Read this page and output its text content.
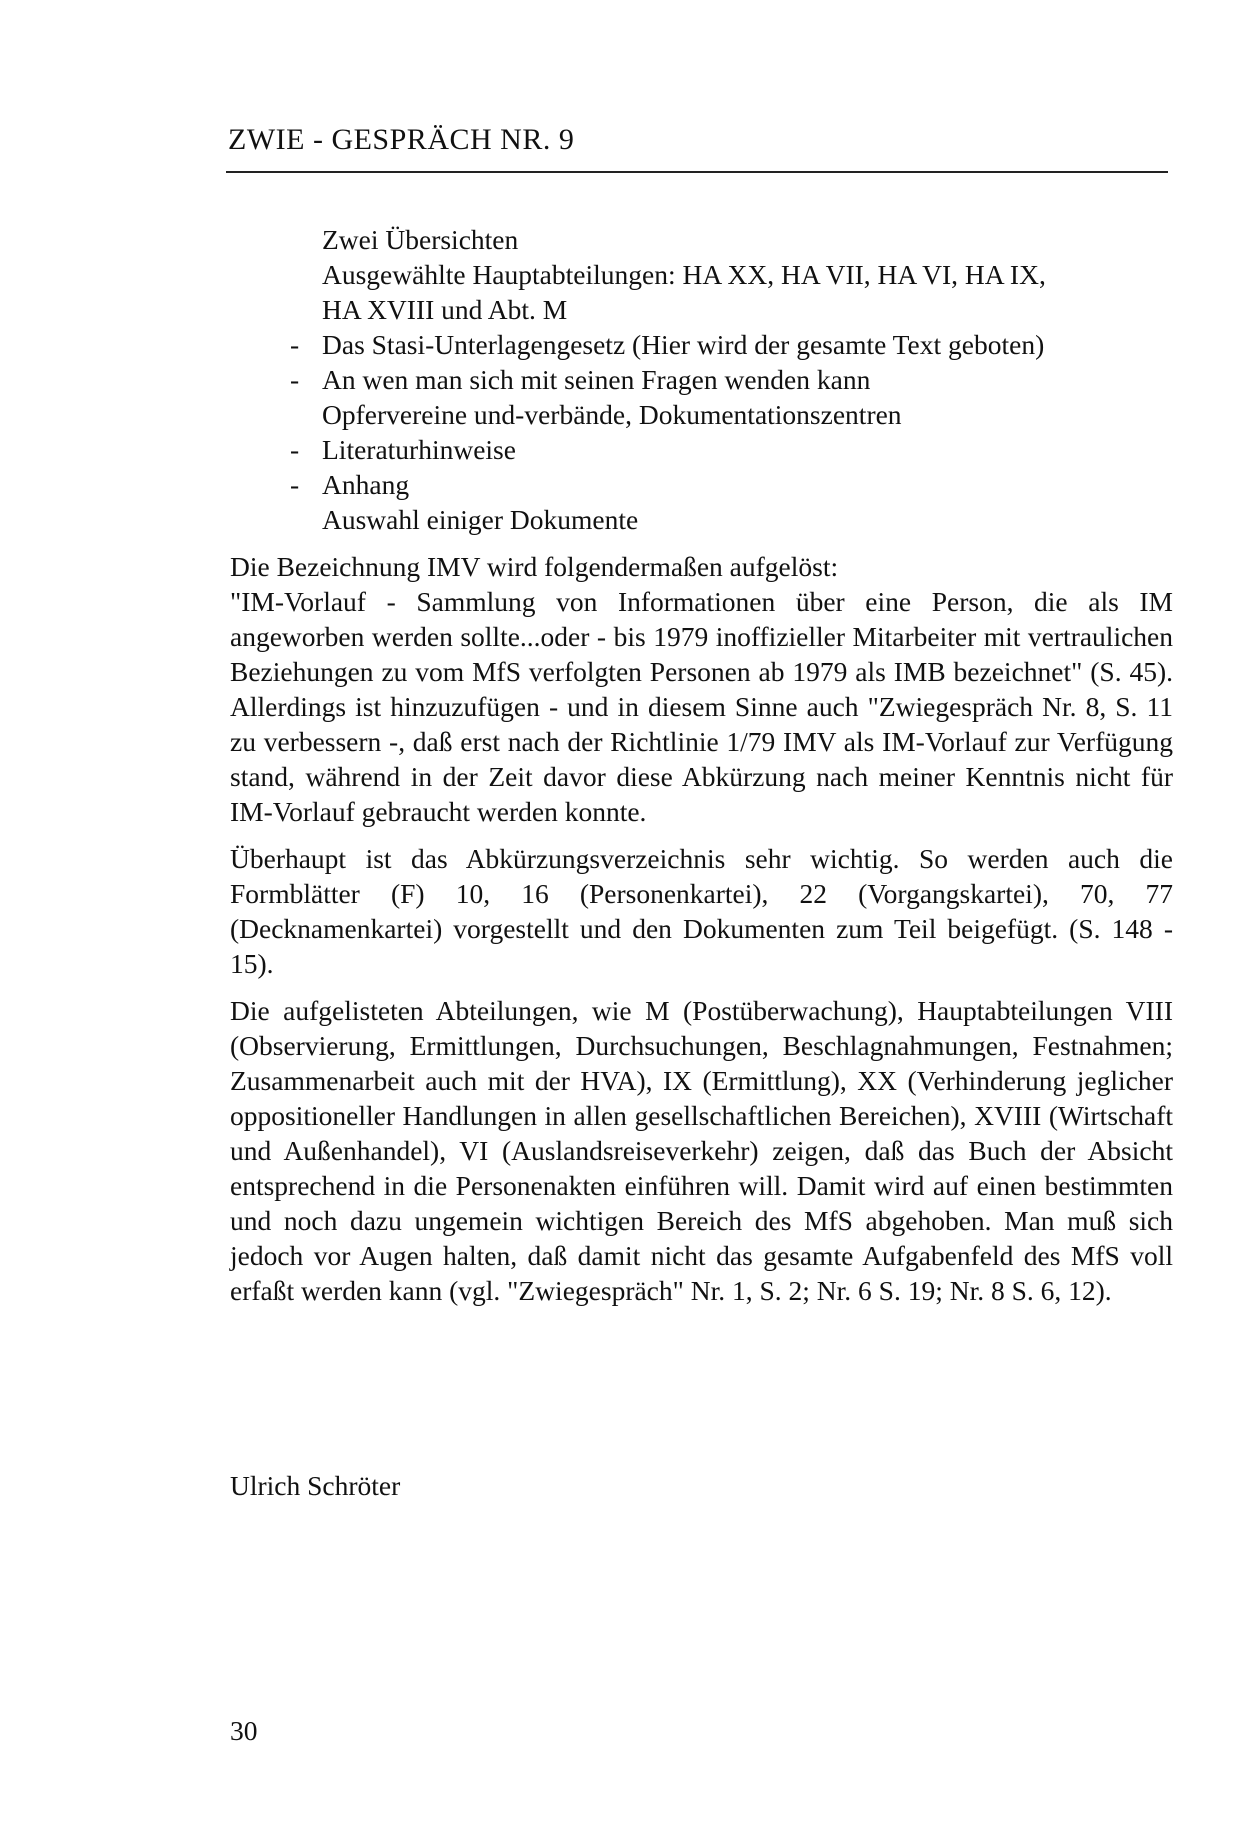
ZWIE - GESPRÄCH NR. 9
Zwei Übersichten
Ausgewählte Hauptabteilungen: HA XX, HA VII, HA VI, HA IX,
HA XVIII und Abt. M
- Das Stasi-Unterlagengesetz (Hier wird der gesamte Text geboten)
- An wen man sich mit seinen Fragen wenden kann
Opfervereine und-verbände, Dokumentationszentren
- Literaturhinweise
- Anhang
Auswahl einiger Dokumente

Die Bezeichnung IMV wird folgendermaßen aufgelöst:
"IM-Vorlauf - Sammlung von Informationen über eine Person, die als IM angeworben werden sollte...oder - bis 1979 inoffizieller Mitarbeiter mit vertraulichen Beziehungen zu vom MfS verfolgten Personen ab 1979 als IMB bezeichnet" (S. 45). Allerdings ist hinzuzufügen - und in diesem Sinne auch "Zwiegespräch Nr. 8, S. 11 zu verbessern -, daß erst nach der Richtlinie 1/79 IMV als IM-Vorlauf zur Verfügung stand, während in der Zeit davor diese Abkürzung nach meiner Kenntnis nicht für IM-Vorlauf gebraucht werden konnte.

Überhaupt ist das Abkürzungsverzeichnis sehr wichtig. So werden auch die Formblätter (F) 10, 16 (Personenkartei), 22 (Vorgangskartei), 70, 77 (Decknamenkartei) vorgestellt und den Dokumenten zum Teil beigefügt. (S. 148 - 15).

Die aufgelisteten Abteilungen, wie M (Postüberwachung), Hauptabteilungen VIII (Observierung, Ermittlungen, Durchsuchungen, Beschlagnahmungen, Festnahmen; Zusammenarbeit auch mit der HVA), IX (Ermittlung), XX (Verhinderung jeglicher oppositioneller Handlungen in allen gesellschaftlichen Bereichen), XVIII (Wirtschaft und Außenhandel), VI (Auslandsreiseverkehr) zeigen, daß das Buch der Absicht entsprechend in die Personenakten einführen will. Damit wird auf einen bestimmten und noch dazu ungemein wichtigen Bereich des MfS abgehoben. Man muß sich jedoch vor Augen halten, daß damit nicht das gesamte Aufgabenfeld des MfS voll erfaßt werden kann (vgl. "Zwiegespräch" Nr. 1, S. 2; Nr. 6 S. 19; Nr. 8 S. 6, 12).

Ulrich Schröter
30
